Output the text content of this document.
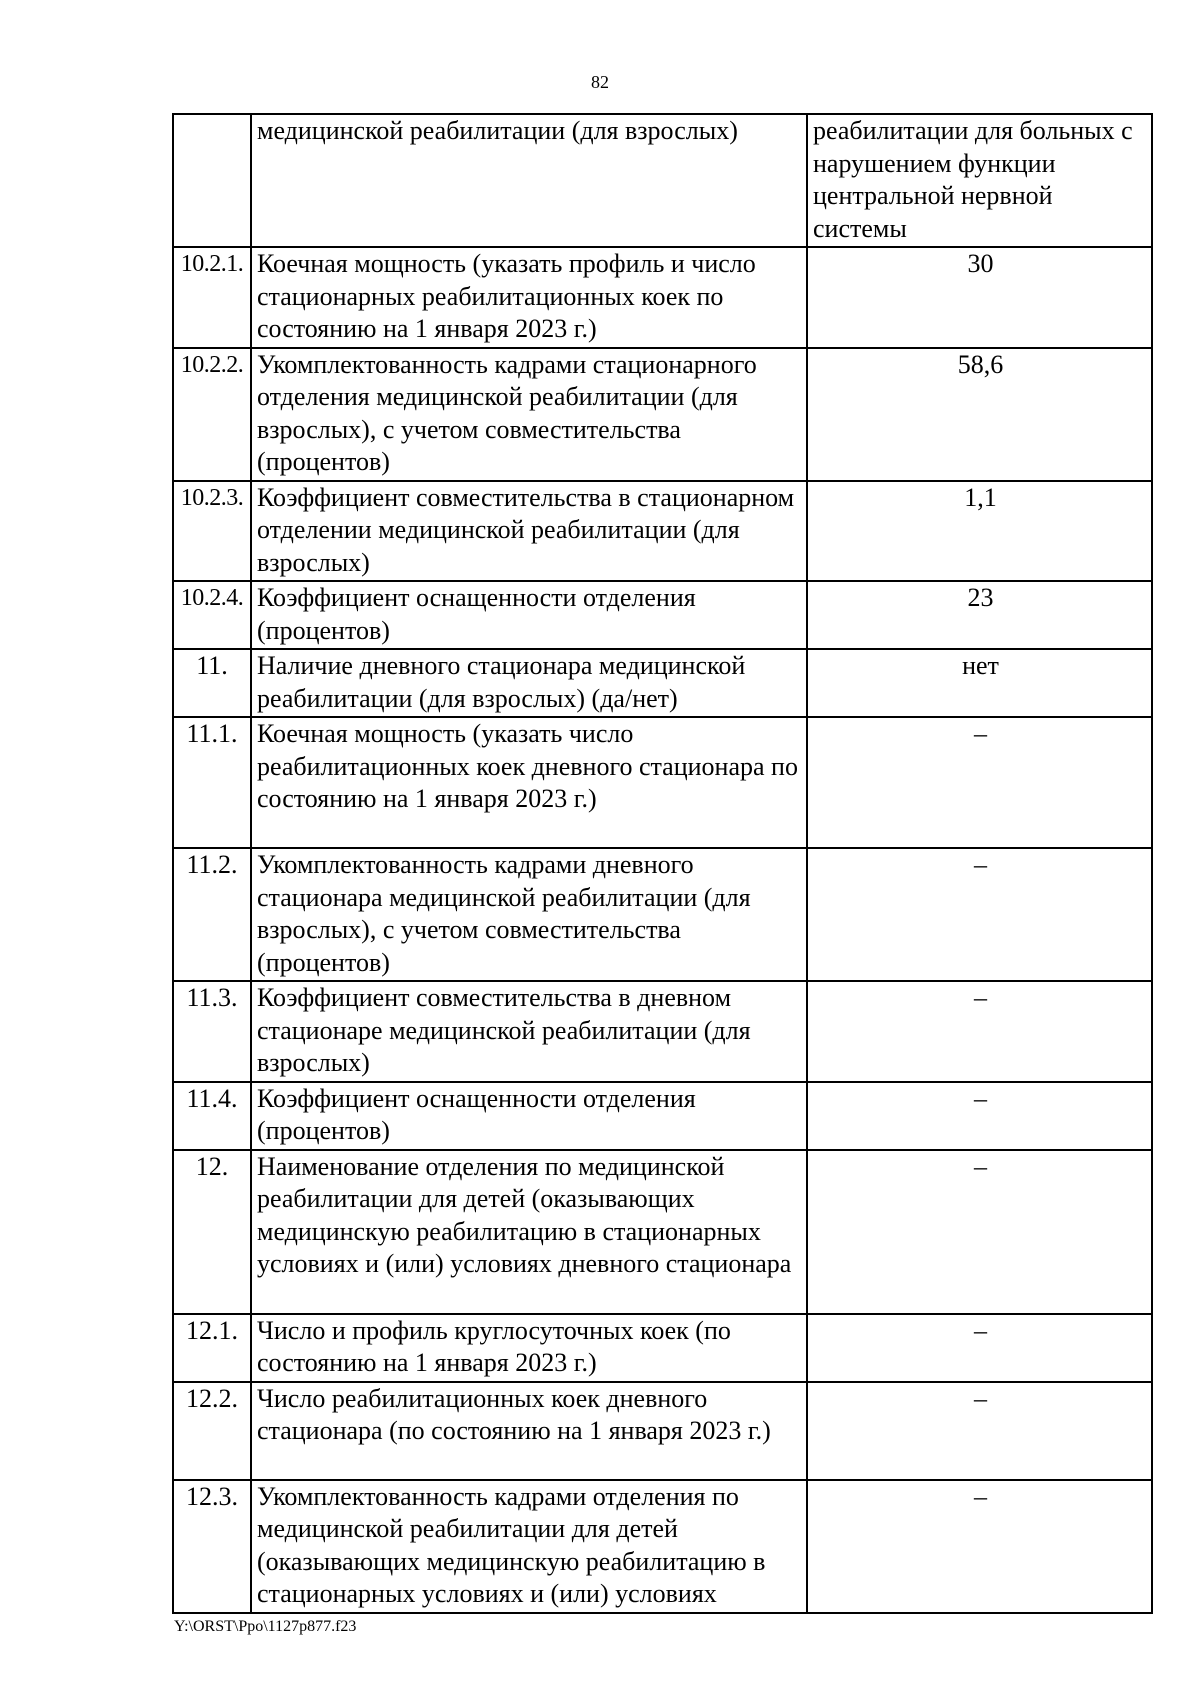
82
	медицинской реабилитации (для взрослых)	реабилитации для больных с нарушением функции центральной нервной системы
10.2.1.	Коечная мощность (указать профиль и число стационарных реабилитационных коек по состоянию на 1 января 2023 г.)	30
10.2.2.	Укомплектованность кадрами стационарного отделения медицинской реабилитации (для взрослых), с учетом совместительства (процентов)	58,6
10.2.3.	Коэффициент совместительства в стационарном отделении медицинской реабилитации (для взрослых)	1,1
10.2.4.	Коэффициент оснащенности отделения (процентов)	23
11.	Наличие дневного стационара медицинской реабилитации (для взрослых) (да/нет)	нет
11.1.	Коечная мощность (указать число реабилитационных коек дневного стационара по состоянию на 1 января 2023 г.)	–
11.2.	Укомплектованность кадрами дневного стационара медицинской реабилитации (для взрослых), с учетом совместительства (процентов)	–
11.3.	Коэффициент совместительства в дневном стационаре медицинской реабилитации (для взрослых)	–
11.4.	Коэффициент оснащенности отделения (процентов)	–
12.	Наименование отделения по медицинской реабилитации для детей (оказывающих медицинскую реабилитацию в стационарных условиях и (или) условиях дневного стационара	–
12.1.	Число и профиль круглосуточных коек (по состоянию на 1 января 2023 г.)	–
12.2.	Число реабилитационных коек дневного стационара (по состоянию на 1 января 2023 г.)	–
12.3.	Укомплектованность кадрами отделения по медицинской реабилитации для детей (оказывающих медицинскую реабилитацию в стационарных условиях и (или) условиях	–
Y:\ORST\Ppo\1127p877.f23
